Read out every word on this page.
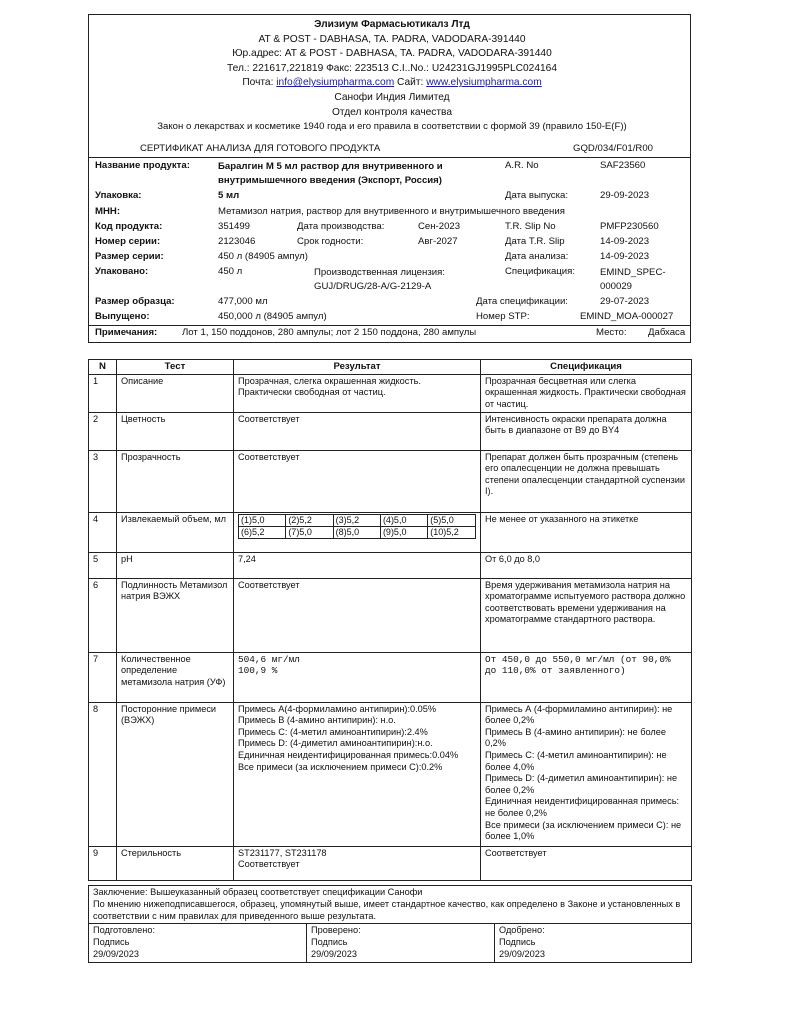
Элизиум Фармасьютикалз Лтд
AT & POST - DABHASA, TA. PADRA, VADODARA-391440
Юр.адрес: AT & POST - DABHASA, TA. PADRA, VADODARA-391440
Тел.: 221617,221819 Факс: 223513 C.I..No.: U24231GJ1995PLC024164
Почта: info@elysiumpharma.com Сайт: www.elysiumpharma.com
Санофи Индия Лимитед
Отдел контроля качества
Закон о лекарствах и косметике 1940 года и его правила в соответствии с формой 39 (правило 150-E(F))
СЕРТИФИКАТ АНАЛИЗА ДЛЯ ГОТОВОГО ПРОДУКТА	GQD/034/F01/R00
Название продукта:	Баралгин М 5 мл раствор для внутривенного и внутримышечного введения (Экспорт, Россия)
A.R. No	SAF23560
Упаковка:	5 мл	Дата выпуска:	29-09-2023
МНН:	Метамизол натрия, раствор для внутривенного и внутримышечного введения
Код продукта:	351499	Дата производства:	Сен-2023	T.R. Slip No	PMFP230560
Номер серии:	2123046	Срок годности:	Авг-2027	Дата T.R. Slip	14-09-2023
Размер серии:	450 л (84905 ампул)	Дата анализа:	14-09-2023
Упаковано:	450 л	Производственная лицензия: GUJ/DRUG/28-A/G-2129-A
Спецификация:	EMIND_SPEC-000029
Размер образца:	477,000 мл	Дата спецификации:	29-07-2023
Выпущено:	450,000 л (84905 ампул)	Номер STP:	EMIND_MOA-000027
Примечания:	Лот 1, 150 поддонов, 280 ампулы; лот 2 150 поддона, 280 ампулы	Место: Дабхаса
N	Тест	Результат	Спецификация
1	Описание	Прозрачная, слегка окрашенная жидкость. Практически свободная от частиц.	Прозрачная бесцветная или слегка окрашенная жидкость. Практически свободная от частиц.
2	Цветность	Соответствует	Интенсивность окраски препарата должна быть в диапазоне от B9 до BY4
3	Прозрачность	Соответствует	Препарат должен быть прозрачным (степень его опалесценции не должна превышать степени опалесценции стандартной суспензии I).
4	Извлекаемый объем, мл	(1)5,0	(2)5,2	(3)5,2	(4)5,0	(5)5,0
(6)5,2	(7)5,0	(8)5,0	(9)5,0	(10)5,2
	Не менее от указанного на этикетке
5	pH	7,24	От 6,0 до 8,0
6	Подлинность Метамизол натрия ВЭЖХ	Соответствует	Время удерживания метамизола натрия на хроматограмме испытуемого раствора должно соответствовать времени удерживания на хроматограмме стандартного раствора.
7	Количественное определение метамизола натрия (УФ)	504,6 мг/мл
100,9 %	От 450,0 до 550,0 мг/мл (от 90,0% до 110,0% от заявленного)
8	Посторонние примеси (ВЭЖХ)	Примесь А(4-формиламино антипирин):0.05%
Примесь В (4-амино антипирин): н.о.
Примесь С: (4-метил аминоантипирин):2.4%
Примесь D: (4-диметил аминоантипирин):н.о.
Единичная неидентифицированная примесь:0.04%
Все примеси (за исключением примеси С):0.2%	Примесь А (4-формиламино антипирин): не более 0,2%
Примесь В (4-амино антипирин): не более 0,2%
Примесь С: (4-метил аминоантипирин): не более 4,0%
Примесь D: (4-диметил аминоантипирин): не более 0,2%
Единичная неидентифицированная примесь: не более 0,2%
Все примеси (за исключением примеси С): не более 1,0%
9	Стерильность	ST231177, ST231178
Соответствует	Соответствует
Заключение: Вышеуказанный образец соответствует спецификации Санофи
По мнению нижеподписавшегося, образец, упомянутый выше, имеет стандартное качество, как определено в Законе и установленных в соответствии с ним правилах для приведенного выше результата.

Подготовлено:
Подпись
29/09/2023

Проверено:
Подпись
29/09/2023

Одобрено:
Подпись
29/09/2023
